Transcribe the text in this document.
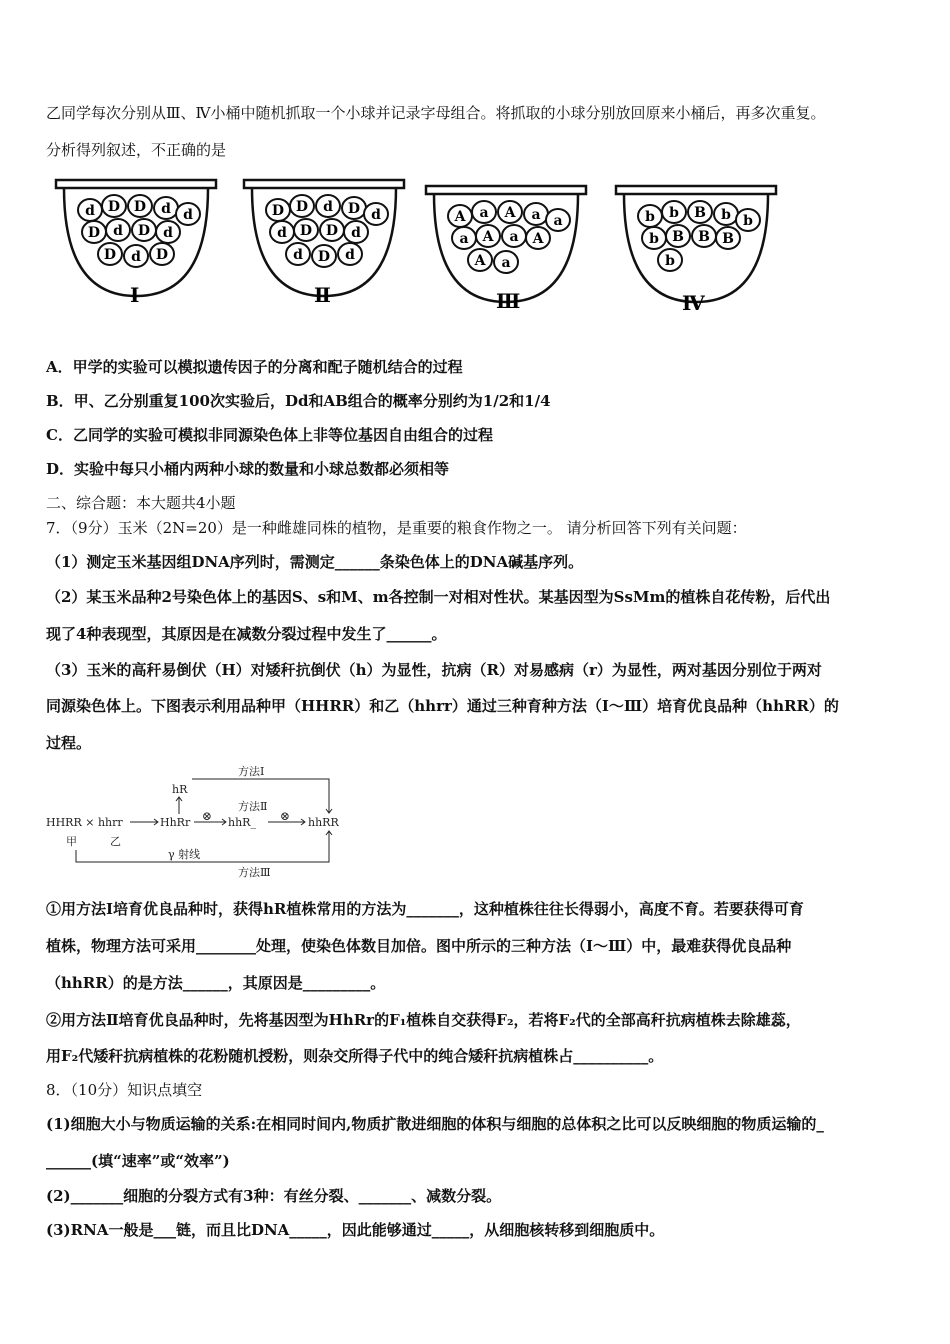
乙同学每次分别从Ⅲ、Ⅳ小桶中随机抓取一个小球并记录字母组合。将抓取的小球分别放回原来小桶后，再多次重复。
分析得列叙述，不正确的是
d D D d d
D d D d
D d D
Ⅰ
D D d D d
d D D d
d D d
Ⅱ
A a A a a
a A a A
A a
Ⅲ
b b B b b
b B B B
b
Ⅳ
A．甲学的实验可以模拟遗传因子的分离和配子随机结合的过程
B．甲、乙分别重复100次实验后，Dd和AB组合的概率分别约为1/2和1/4
C．乙同学的实验可模拟非同源染色体上非等位基因自由组合的过程
D．实验中每只小桶内两种小球的数量和小球总数都必须相等
二、综合题：本大题共4小题
7．（9分）玉米（2N=20）是一种雌雄同株的植物，是重要的粮食作物之一。 请分析回答下列有关问题：
（1）测定玉米基因组DNA序列时，需测定______条染色体上的DNA碱基序列。
（2）某玉米品种2号染色体上的基因S、s和M、m各控制一对相对性状。某基因型为SsMm的植株自花传粉，后代出
现了4种表现型，其原因是在减数分裂过程中发生了______。
（3）玉米的高秆易倒伏（H）对矮秆抗倒伏（h）为显性，抗病（R）对易感病（r）为显性，两对基因分别位于两对
同源染色体上。下图表示利用品种甲（HHRR）和乙（hhrr）通过三种育种方法（Ⅰ～Ⅲ）培育优良品种（hhRR）的
过程。
HHRR × hhrr
甲	乙
HhRr
hR
hhR_	hhRR
方法Ⅰ
方法Ⅱ
方法Ⅲ
γ 射线
⊗	⊗
①用方法Ⅰ培育优良品种时，获得hR植株常用的方法为_______，这种植株往往长得弱小，高度不育。若要获得可育
植株，物理方法可采用________处理，使染色体数目加倍。图中所示的三种方法（Ⅰ～Ⅲ）中，最难获得优良品种
（hhRR）的是方法______，其原因是_________。
②用方法Ⅱ培育优良品种时，先将基因型为HhRr的F₁植株自交获得F₂，若将F₂代的全部高秆抗病植株去除雄蕊，
用F₂代矮秆抗病植株的花粉随机授粉，则杂交所得子代中的纯合矮秆抗病植株占__________。
8．（10分）知识点填空
(1)细胞大小与物质运输的关系:在相同时间内,物质扩散进细胞的体积与细胞的总体积之比可以反映细胞的物质运输的_
______(填“速率”或“效率”)
(2)_______细胞的分裂方式有3种：有丝分裂、_______、减数分裂。
(3)RNA一般是___链，而且比DNA_____，因此能够通过_____，从细胞核转移到细胞质中。
